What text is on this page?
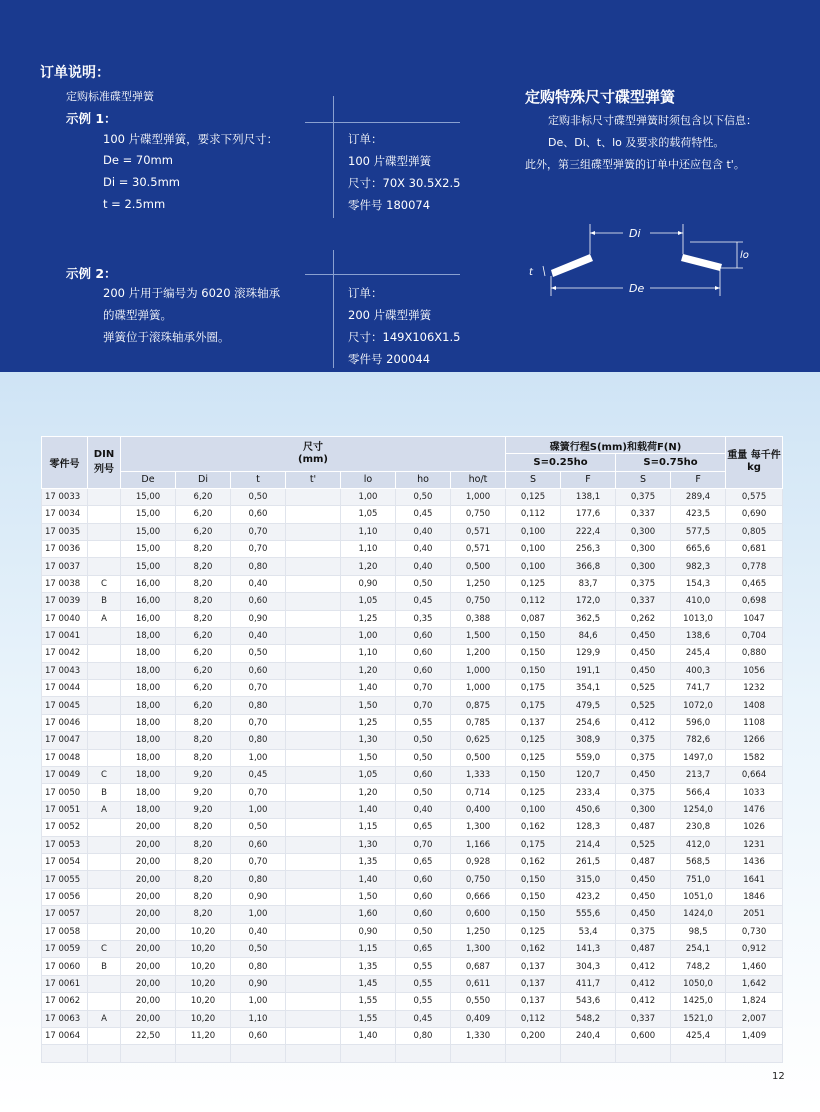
订单说明：
定购标准碟型弹簧
示例 1：
100 片碟型弹簧，要求下列尺寸：
De = 70mm
Di = 30.5mm
t = 2.5mm
订单：
100 片碟型弹簧
尺寸：70X 30.5X2.5
零件号 180074
示例 2：
200 片用于编号为 6020 滚珠轴承
的碟型弹簧。
弹簧位于滚珠轴承外圈。
订单：
200 片碟型弹簧
尺寸：149X106X1.5
零件号 200044
定购特殊尺寸碟型弹簧
定购非标尺寸碟型弹簧时须包含以下信息：
De、Di、t、lo 及要求的载荷特性。
此外，第三组碟型弹簧的订单中还应包含 t'。
Di
De
t
lo
零件号	DIN 列号	尺寸
(mm)							碟簧行程S(mm)和载荷F(N)				重量 每千件 kg
									S=0.25ho		S=0.75ho		
		De	Di	t	t'	lo	ho	ho/t	S	F	S	F	
17 0033		15,00	6,20	0,50		1,00	0,50	1,000	0,125	138,1	0,375	289,4	0,575
17 0034		15,00	6,20	0,60		1,05	0,45	0,750	0,112	177,6	0,337	423,5	0,690
17 0035		15,00	6,20	0,70		1,10	0,40	0,571	0,100	222,4	0,300	577,5	0,805
17 0036		15,00	8,20	0,70		1,10	0,40	0,571	0,100	256,3	0,300	665,6	0,681
17 0037		15,00	8,20	0,80		1,20	0,40	0,500	0,100	366,8	0,300	982,3	0,778
17 0038	C	16,00	8,20	0,40		0,90	0,50	1,250	0,125	83,7	0,375	154,3	0,465
17 0039	B	16,00	8,20	0,60		1,05	0,45	0,750	0,112	172,0	0,337	410,0	0,698
17 0040	A	16,00	8,20	0,90		1,25	0,35	0,388	0,087	362,5	0,262	1013,0	1047
17 0041		18,00	6,20	0,40		1,00	0,60	1,500	0,150	84,6	0,450	138,6	0,704
17 0042		18,00	6,20	0,50		1,10	0,60	1,200	0,150	129,9	0,450	245,4	0,880
17 0043		18,00	6,20	0,60		1,20	0,60	1,000	0,150	191,1	0,450	400,3	1056
17 0044		18,00	6,20	0,70		1,40	0,70	1,000	0,175	354,1	0,525	741,7	1232
17 0045		18,00	6,20	0,80		1,50	0,70	0,875	0,175	479,5	0,525	1072,0	1408
17 0046		18,00	8,20	0,70		1,25	0,55	0,785	0,137	254,6	0,412	596,0	1108
17 0047		18,00	8,20	0,80		1,30	0,50	0,625	0,125	308,9	0,375	782,6	1266
17 0048		18,00	8,20	1,00		1,50	0,50	0,500	0,125	559,0	0,375	1497,0	1582
17 0049	C	18,00	9,20	0,45		1,05	0,60	1,333	0,150	120,7	0,450	213,7	0,664
17 0050	B	18,00	9,20	0,70		1,20	0,50	0,714	0,125	233,4	0,375	566,4	1033
17 0051	A	18,00	9,20	1,00		1,40	0,40	0,400	0,100	450,6	0,300	1254,0	1476
17 0052		20,00	8,20	0,50		1,15	0,65	1,300	0,162	128,3	0,487	230,8	1026
17 0053		20,00	8,20	0,60		1,30	0,70	1,166	0,175	214,4	0,525	412,0	1231
17 0054		20,00	8,20	0,70		1,35	0,65	0,928	0,162	261,5	0,487	568,5	1436
17 0055		20,00	8,20	0,80		1,40	0,60	0,750	0,150	315,0	0,450	751,0	1641
17 0056		20,00	8,20	0,90		1,50	0,60	0,666	0,150	423,2	0,450	1051,0	1846
17 0057		20,00	8,20	1,00		1,60	0,60	0,600	0,150	555,6	0,450	1424,0	2051
17 0058		20,00	10,20	0,40		0,90	0,50	1,250	0,125	53,4	0,375	98,5	0,730
17 0059	C	20,00	10,20	0,50		1,15	0,65	1,300	0,162	141,3	0,487	254,1	0,912
17 0060	B	20,00	10,20	0,80		1,35	0,55	0,687	0,137	304,3	0,412	748,2	1,460
17 0061		20,00	10,20	0,90		1,45	0,55	0,611	0,137	411,7	0,412	1050,0	1,642
17 0062		20,00	10,20	1,00		1,55	0,55	0,550	0,137	543,6	0,412	1425,0	1,824
17 0063	A	20,00	10,20	1,10		1,55	0,45	0,409	0,112	548,2	0,337	1521,0	2,007
17 0064		22,50	11,20	0,60		1,40	0,80	1,330	0,200	240,4	0,600	425,4	1,409

12
